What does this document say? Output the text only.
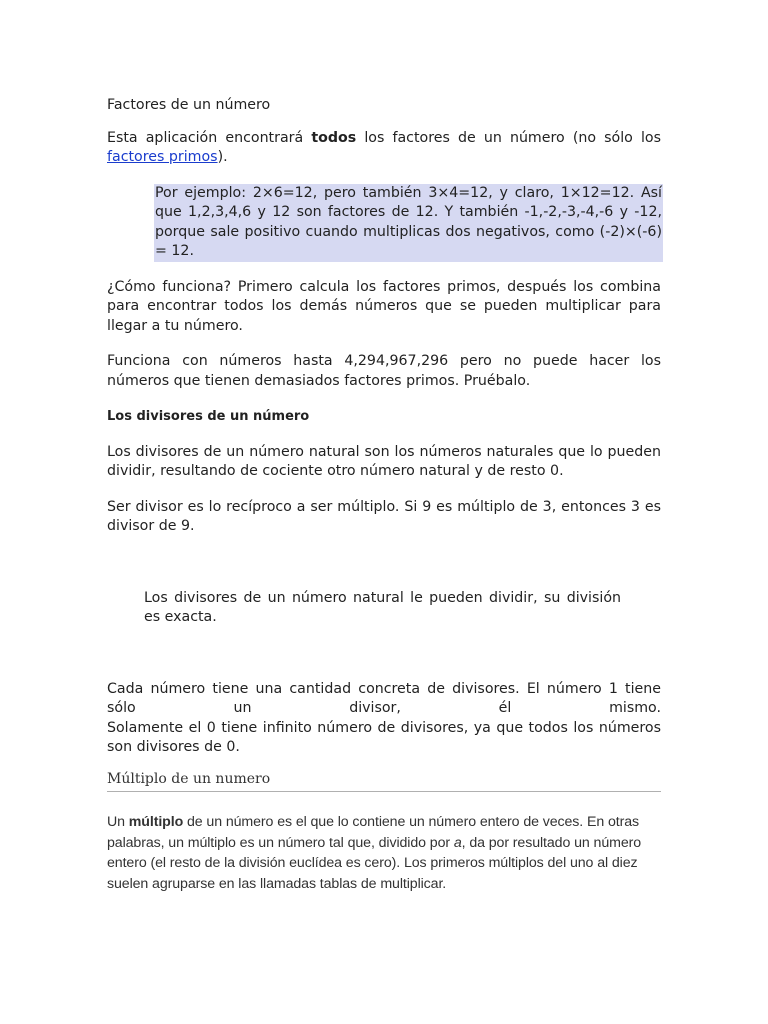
Factores de un número

Esta aplicación encontrará todos los factores de un número (no sólo los factores primos).

Por ejemplo: 2×6=12, pero también 3×4=12, y claro, 1×12=12. Así que 1,2,3,4,6 y 12 son factores de 12. Y también -1,-2,-3,-4,-6 y -12, porque sale positivo cuando multiplicas dos negativos, como (-2)×(-6) = 12.

¿Cómo funciona? Primero calcula los factores primos, después los combina para encontrar todos los demás números que se pueden multiplicar para llegar a tu número.

Funciona con números hasta 4,294,967,296 pero no puede hacer los números que tienen demasiados factores primos. Pruébalo.

Los divisores de un número

Los divisores de un número natural son los números naturales que lo pueden dividir, resultando de cociente otro número natural y de resto 0.

Ser divisor es lo recíproco a ser múltiplo. Si 9 es múltiplo de 3, entonces 3 es divisor de 9.

Los divisores de un número natural le pueden dividir, su división es exacta.

Cada número tiene una cantidad concreta de divisores. El número 1 tiene sólo un divisor, él mismo.
Solamente el 0 tiene infinito número de divisores, ya que todos los números son divisores de 0.
Múltiplo de un numero

Un múltiplo de un número es el que lo contiene un número entero de veces. En otras palabras, un múltiplo es un número tal que, dividido por a, da por resultado un número entero (el resto de la división euclídea es cero). Los primeros múltiplos del uno al diez suelen agruparse en las llamadas tablas de multiplicar.
